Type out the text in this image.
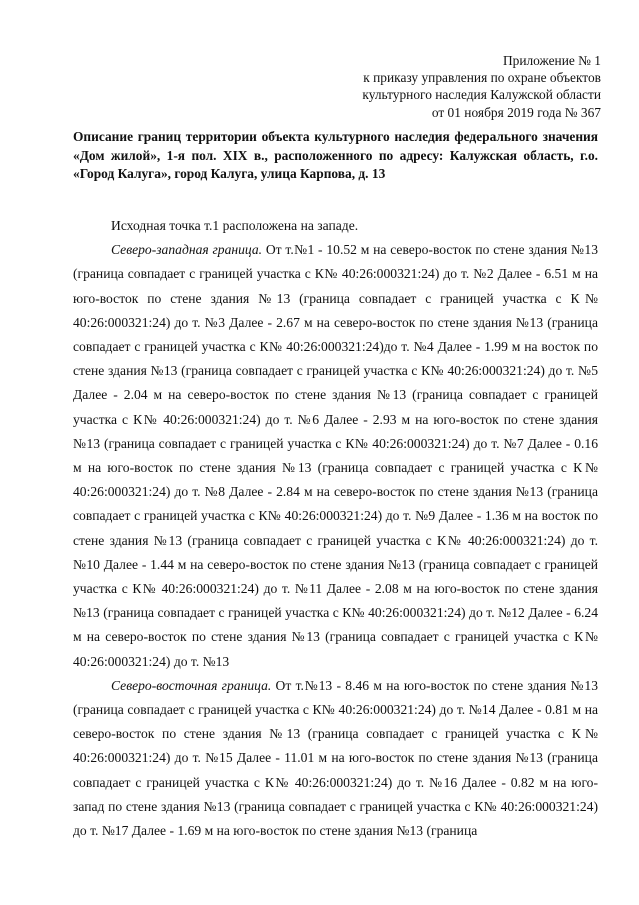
Приложение № 1
к приказу управления по охране объектов
культурного наследия Калужской области
от 01 ноября 2019 года № 367
Описание границ территории объекта культурного наследия федерального значения «Дом жилой», 1-я пол. XIX в., расположенного по адресу: Калужская область, г.о. «Город Калуга», город Калуга, улица Карпова, д. 13

Исходная точка т.1 расположена на западе.

Северо-западная граница. От т.№1 - 10.52 м на северо-восток по стене здания №13 (граница совпадает с границей участка с К№ 40:26:000321:24) до т. №2 Далее - 6.51 м на юго-восток по стене здания №13 (граница совпадает с границей участка с К№ 40:26:000321:24) до т. №3 Далее - 2.67 м на северо-восток по стене здания №13 (граница совпадает с границей участка с К№ 40:26:000321:24)до т. №4 Далее - 1.99 м на восток по стене здания №13 (граница совпадает с границей участка с К№ 40:26:000321:24) до т. №5 Далее - 2.04 м на северо-восток по стене здания №13 (граница совпадает с границей участка с К№ 40:26:000321:24) до т. №6 Далее - 2.93 м на юго-восток по стене здания №13 (граница совпадает с границей участка с К№ 40:26:000321:24) до т. №7 Далее - 0.16 м на юго-восток по стене здания №13 (граница совпадает с границей участка с К№ 40:26:000321:24) до т. №8 Далее - 2.84 м на северо-восток по стене здания №13 (граница совпадает с границей участка с К№ 40:26:000321:24) до т. №9 Далее - 1.36 м на восток по стене здания №13 (граница совпадает с границей участка с К№ 40:26:000321:24) до т. №10 Далее - 1.44 м на северо-восток по стене здания №13 (граница совпадает с границей участка с К№ 40:26:000321:24) до т. №11 Далее - 2.08 м на юго-восток по стене здания №13 (граница совпадает с границей участка с К№ 40:26:000321:24) до т. №12 Далее - 6.24 м на северо-восток по стене здания №13 (граница совпадает с границей участка с К№ 40:26:000321:24) до т. №13

Северо-восточная граница. От т.№13 - 8.46 м на юго-восток по стене здания №13 (граница совпадает с границей участка с К№ 40:26:000321:24) до т. №14 Далее - 0.81 м на северо-восток по стене здания №13 (граница совпадает с границей участка с К№ 40:26:000321:24) до т. №15 Далее - 11.01 м на юго-восток по стене здания №13 (граница совпадает с границей участка с К№ 40:26:000321:24) до т. №16 Далее - 0.82 м на юго-запад по стене здания №13 (граница совпадает с границей участка с К№ 40:26:000321:24) до т. №17 Далее - 1.69 м на юго-восток по стене здания №13 (граница
